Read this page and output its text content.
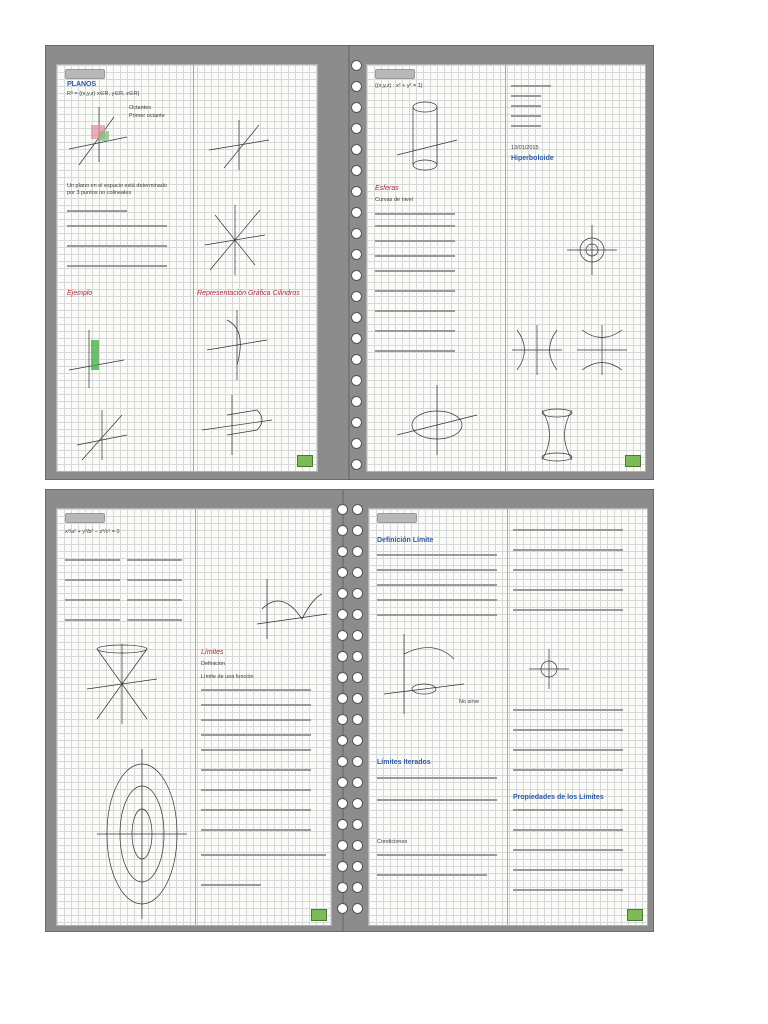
PLANOS
R³ = {(x,y,z) x∈R, y∈R, z∈R}
Octantes
Primer octante
Un plano en el espacio está determinado
por 3 puntos no colineales
Ejemplo	Representación Gráfica Cilindros
{(x,y,z) : x² + y² = 1}
Esferas
Curvas de nivel
13/01/2015
Hiperboloide
x²/a² + y²/b² − z²/c² = 0
Límites
Definición
Límite de una función
Definición Límite
No sirve
Límites Iterados
Condiciones
Propiedades de los Límites
